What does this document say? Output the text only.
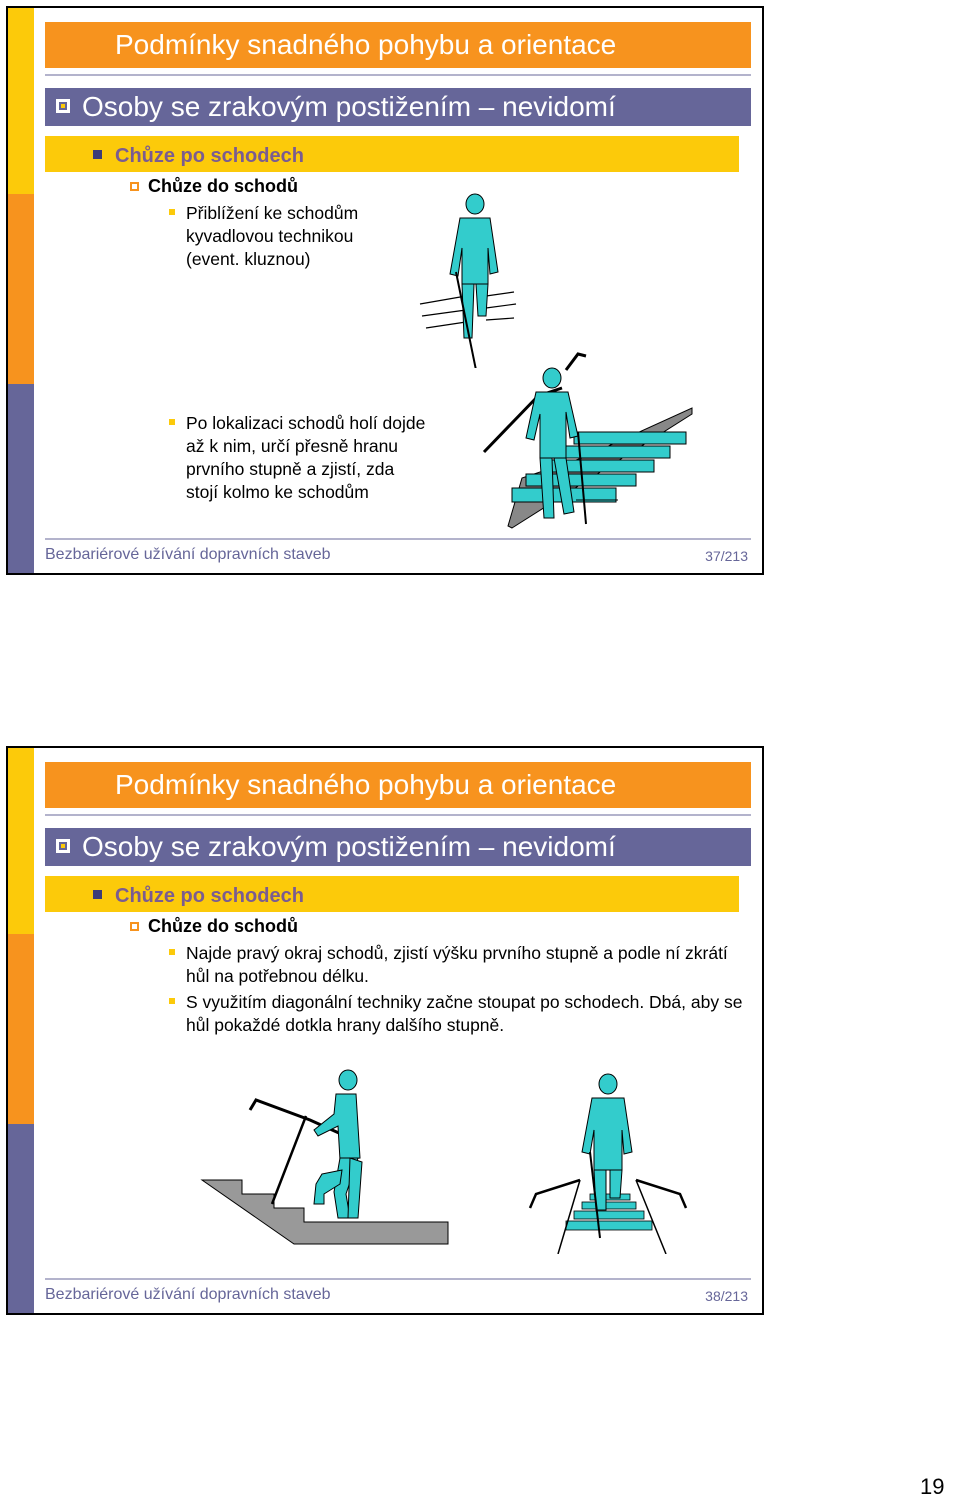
Podmínky snadného pohybu a orientace
Osoby se zrakovým postižením – nevidomí
Chůze po schodech
Chůze do schodů
Přiblížení ke schodům kyvadlovou technikou (event. kluznou)
Po lokalizaci schodů holí dojde až k nim, určí přesně hranu prvního stupně a zjistí, zda stojí kolmo ke schodům
Bezbariérové užívání dopravních staveb	37/213
Podmínky snadného pohybu a orientace
Osoby se zrakovým postižením – nevidomí
Chůze po schodech
Chůze do schodů
Najde pravý okraj schodů, zjistí výšku prvního stupně a podle ní zkrátí hůl na potřebnou délku.
S využitím diagonální techniky začne stoupat po schodech. Dbá, aby se hůl pokaždé dotkla hrany dalšího stupně.
Bezbariérové užívání dopravních staveb	38/213
19
